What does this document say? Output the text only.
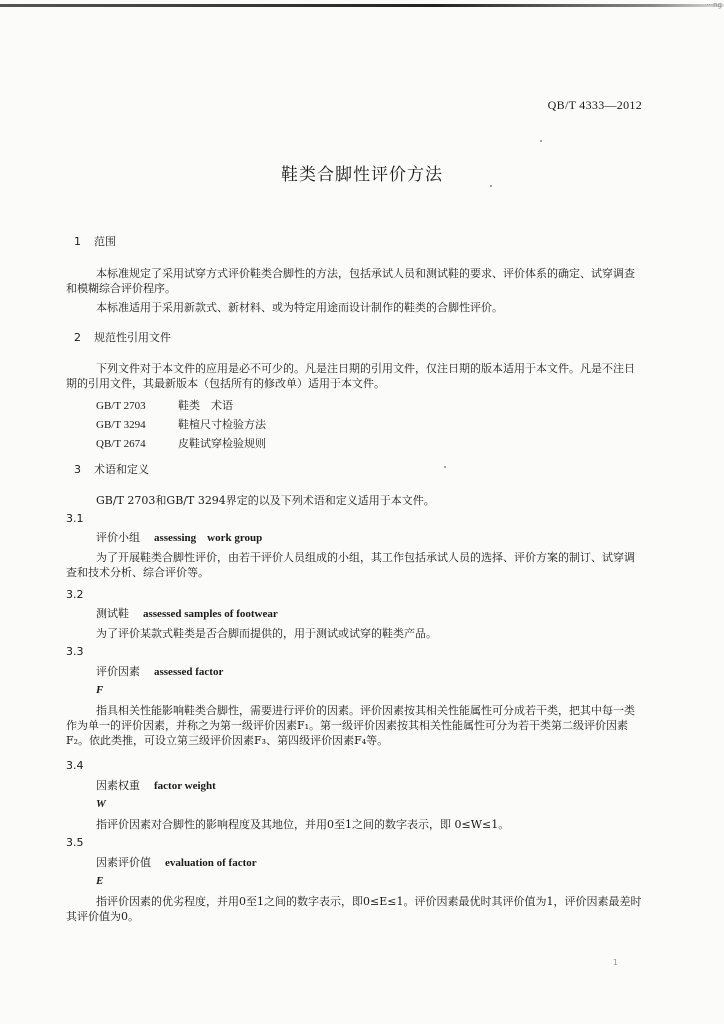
···ng
QB/T 4333—2012
鞋类合脚性评价方法
1 范围
本标准规定了采用试穿方式评价鞋类合脚性的方法，包括承试人员和测试鞋的要求、评价体系的确定、试穿调查和模糊综合评价程序。
本标准适用于采用新款式、新材料、或为特定用途而设计制作的鞋类的合脚性评价。
2 规范性引用文件
下列文件对于本文件的应用是必不可少的。凡是注日期的引用文件，仅注日期的版本适用于本文件。凡是不注日期的引用文件，其最新版本（包括所有的修改单）适用于本文件。
GB/T 2703	鞋类　术语
GB/T 3294	鞋楦尺寸检验方法
QB/T 2674	皮鞋试穿检验规则
3 术语和定义
GB/T 2703和GB/T 3294界定的以及下列术语和定义适用于本文件。
3.1
评价小组 assessing　work group
为了开展鞋类合脚性评价，由若干评价人员组成的小组，其工作包括承试人员的选择、评价方案的制订、试穿调查和技术分析、综合评价等。
3.2
测试鞋 assessed samples of footwear
为了评价某款式鞋类是否合脚而提供的，用于测试或试穿的鞋类产品。
3.3
评价因素 assessed factor
F
指具相关性能影响鞋类合脚性，需要进行评价的因素。评价因素按其相关性能属性可分成若干类，把其中每一类作为单一的评价因素，并称之为第一级评价因素F₁。第一级评价因素按其相关性能属性可分为若干类第二级评价因素F₂。依此类推，可设立第三级评价因素F₃、第四级评价因素F₄等。
3.4
因素权重 factor weight
W
指评价因素对合脚性的影响程度及其地位，并用0至1之间的数字表示，即 0≤W≤1。
3.5
因素评价值 evaluation of factor
E
指评价因素的优劣程度，并用0至1之间的数字表示，即0≤E≤1。评价因素最优时其评价值为1，评价因素最差时其评价值为0。
1
